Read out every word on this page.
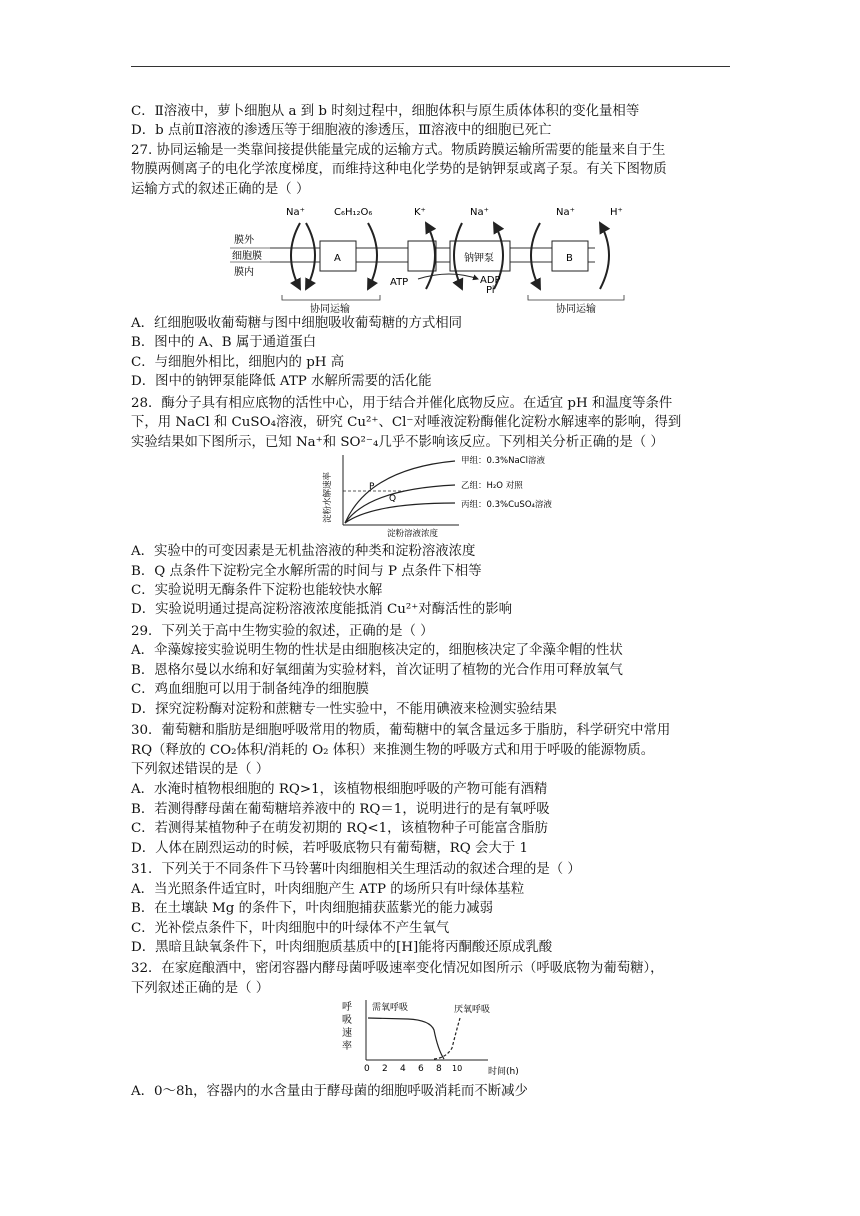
C．Ⅱ溶液中，萝卜细胞从 a 到 b 时刻过程中，细胞体积与原生质体体积的变化量相等
D．b 点前Ⅱ溶液的渗透压等于细胞液的渗透压，Ⅲ溶液中的细胞已死亡
27. 协同运输是一类靠间接提供能量完成的运输方式。物质跨膜运输所需要的能量来自于生
物膜两侧离子的电化学浓度梯度，而维持这种电化学势的是钠钾泵或离子泵。有关下图物质
运输方式的叙述正确的是（ ）
A．红细胞吸收葡萄糖与图中细胞吸收葡萄糖的方式相同
B．图中的 A、B 属于通道蛋白
C．与细胞外相比，细胞内的 pH 高
D．图中的钠钾泵能降低 ATP 水解所需要的活化能
28．酶分子具有相应底物的活性中心，用于结合并催化底物反应。在适宜 pH 和温度等条件
下，用 NaCl 和 CuSO₄溶液，研究 Cu²⁺、Cl⁻对唾液淀粉酶催化淀粉水解速率的影响，得到
实验结果如下图所示，已知 Na⁺和 SO²⁻₄几乎不影响该反应。下列相关分析正确的是（ ）
A．实验中的可变因素是无机盐溶液的种类和淀粉溶液浓度
B．Q 点条件下淀粉完全水解所需的时间与 P 点条件下相等
C．实验说明无酶条件下淀粉也能较快水解
D．实验说明通过提高淀粉溶液浓度能抵消 Cu²⁺对酶活性的影响
29．下列关于高中生物实验的叙述，正确的是（ ）
A．伞藻嫁接实验说明生物的性状是由细胞核决定的，细胞核决定了伞藻伞帽的性状
B．恩格尔曼以水绵和好氧细菌为实验材料，首次证明了植物的光合作用可释放氧气
C．鸡血细胞可以用于制备纯净的细胞膜
D．探究淀粉酶对淀粉和蔗糖专一性实验中，不能用碘液来检测实验结果
30．葡萄糖和脂肪是细胞呼吸常用的物质，葡萄糖中的氧含量远多于脂肪，科学研究中常用
RQ（释放的 CO₂体积/消耗的 O₂ 体积）来推测生物的呼吸方式和用于呼吸的能源物质。
下列叙述错误的是（ ）
A．水淹时植物根细胞的 RQ>1，该植物根细胞呼吸的产物可能有酒精
B．若测得酵母菌在葡萄糖培养液中的 RQ＝1，说明进行的是有氧呼吸
C．若测得某植物种子在萌发初期的 RQ<1，该植物种子可能富含脂肪
D．人体在剧烈运动的时候，若呼吸底物只有葡萄糖，RQ 会大于 1
31．下列关于不同条件下马铃薯叶肉细胞相关生理活动的叙述合理的是（ ）
A．当光照条件适宜时，叶肉细胞产生 ATP 的场所只有叶绿体基粒
B．在土壤缺 Mg 的条件下，叶肉细胞捕获蓝紫光的能力减弱
C．光补偿点条件下，叶肉细胞中的叶绿体不产生氧气
D．黑暗且缺氧条件下，叶肉细胞质基质中的[H]能将丙酮酸还原成乳酸
32．在家庭酿酒中，密闭容器内酵母菌呼吸速率变化情况如图所示（呼吸底物为葡萄糖），
下列叙述正确的是（ ）
A．0～8h，容器内的水含量由于酵母菌的细胞呼吸消耗而不断减少
膜外
细胞膜
膜内
A	钠钾泵	B
Na⁺	C₆H₁₂O₆	K⁺	Na⁺	Na⁺	H⁺
ATP	ADP
Pi
协同运输	协同运输
淀粉水解速率
淀粉溶液浓度
P
Q
甲组：0.3%NaCl溶液
乙组：H₂O 对照
丙组：0.3%CuSO₄溶液
呼
吸
速
率
需氧呼吸	厌氧呼吸
0 2 4 6 8 10	时间(h)
